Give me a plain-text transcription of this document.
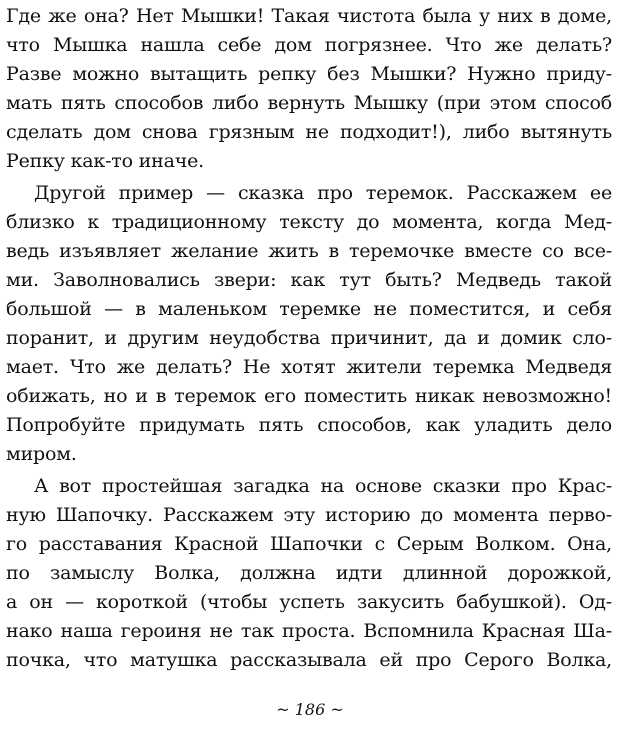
Где же она? Нет Мышки! Такая чистота была у них в доме,
что Мышка нашла себе дом погрязнее. Что же делать?
Разве можно вытащить репку без Мышки? Нужно приду-
мать пять способов либо вернуть Мышку (при этом способ
сделать дом снова грязным не подходит!), либо вытянуть
Репку как-то иначе.
Другой пример — сказка про теремок. Расскажем ее
близко к традиционному тексту до момента, когда Мед-
ведь изъявляет желание жить в теремочке вместе со все-
ми. Заволновались звери: как тут быть? Медведь такой
большой — в маленьком теремке не поместится, и себя
поранит, и другим неудобства причинит, да и домик сло-
мает. Что же делать? Не хотят жители теремка Медведя
обижать, но и в теремок его поместить никак невозможно!
Попробуйте придумать пять способов, как уладить дело
миром.
А вот простейшая загадка на основе сказки про Крас-
ную Шапочку. Расскажем эту историю до момента перво-
го расставания Красной Шапочки с Серым Волком. Она,
по замыслу Волка, должна идти длинной дорожкой,
а он — короткой (чтобы успеть закусить бабушкой). Од-
нако наша героиня не так проста. Вспомнила Красная Ша-
почка, что матушка рассказывала ей про Серого Волка,
~ 186 ~
